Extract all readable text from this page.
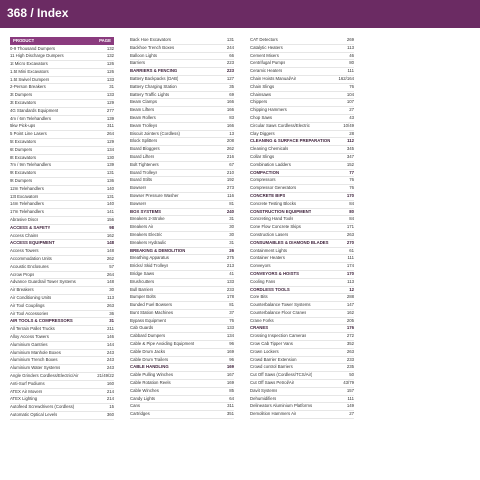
368 / Index
PRODUCT	PAGE
0-9 Thousand Dumpers	132
11 High Discharge Dumpers	132
1t Micro Excavators	126
1.5t Mini Excavators	126
1.5t Swivel Dumpers	133
2-Person Breakers	31
3t Dumpers	133
3t Excavators	129
4G Standards Equipment	277
4m / 6m Telehandlers	139
5kw Pick-ups	311
5 Point Line Lasers	264
5t Excavators	129
6t Dumpers	134
8t Excavators	130
7m / 9m Telehandlers	139
9t Excavators	131
9t Dumpers	136
12m Telehandlers	140
13t Excavators	131
14m Telehandlers	140
17m Telehandlers	141
Abrasive Discs	156
ACCESS & SAFETY	98
Access Chains	162
ACCESS EQUIPMENT	148
Access Towers	148
Accommodation Units	262
Acoustic Enclosures	57
Acrow Props	264
Advance Guardrail Tower Systems	148
Air Breakers	30
Air Conditioning Units	113
Air Tool Couplings	263
Air Tool Accessories	36
AIR TOOLS & COMPRESSORS	31
All Terrain Pallet Trucks	211
Alloy Access Towers	146
Aluminium Gantries	144
Aluminium Manhole Boxes	243
Aluminium Trench Boxes	243
Aluminium Water Systems	243
Angle Grinders Cordless/Electric/Air	21/49/22
Anti-Surf Podiums	160
ATEX Air Movers	214
ATEX Lighting	214
Autofeed Screwdrivers (Cordless)	15
Automatic Optical Levels	360
Back Hoe Excavators	131
Backhoe Trench Boxes	244
Balloon Lights	66
Barriers	223
BARRIERS & FENCING	223
Battery Backpacks (DAB)	127
Battery Charging Station	35
Battery Traffic Lights	69
Beam Clamps	166
Beam Lifters	166
Beam Rollers	83
Beam Trolleys	166
Biscuit Jointers (Cordless)	13
Block Splitters	208
Board Bloggers	262
Board Lifters	216
Bolt Tighteners	67
Board Trolleys	210
Board Stilts	192
Bowsers	273
Bowser Pressure Washer	116
Bowsers	81
BOX SYSTEMS	240
Breakers 2-Stroke	31
Breakers Air	30
Breakers Electric	30
Breakers Hydraulic	31
BREAKING & DEMOLITION	26
Breathing Apparatus	275
Bricks/ Skid Trolleys	213
Bridge Saws	41
Brushcutters	133
Bull Barriers	233
Bumper Bolts	178
Bunded Fuel Bowsers	81
Bunt Station Machines	37
Bypass Equipment	76
Cab Guards	133
Cabbard Dumpers	134
Cable & Pipe Avoiding Equipment	96
Cable Drum Jacks	169
Cable Drum Trailers	96
CABLE HANDLING	169
Cable Pulling Winches	167
Cable Rotation Reels	169
Cable Winches	85
Candy Lights	64
Cans	311
Cartridges	351
CAT Detectors	269
Catalytic Heaters	113
Cement Mixers	46
Centrifugal Pumps	80
Ceramic Heaters	111
Chain Hoists Manual/Air	162/164
Chain Slings	76
Chainsaws	104
Chippers	107
Chipping Hammers	27
Chop Saws	43
Circular Saws Cordless/Electric	10/49
Clay Diggers	28
CLEANING & SURFACE PREPARATION	112
Cleaning Chemicals	345
Collar Slings	347
Combination Ladders	152
COMPACTION	77
Compressors	76
Compressor Generators	76
CONCRETE BIPS	170
Concrete Testing Blocks	84
CONSTRUCTION EQUIPMENT	80
Concreting Hand Tools	84
Cone Flow Concrete Skips	171
Construction Lasers	263
CONSUMABLES & DIAMOND BLADES	270
Containment Lights	61
Container Heaters	111
Conveyors	174
CONVEYORS & HOISTS	170
Cooling Fans	113
CORDLESS TOOLS	12
Core Bits	288
Counterbalance Tower Systems	147
Counterbalance Floor Cranes	162
Crane Forks	205
CRANES	176
Crossing Inspection Cameras	272
Crow Cab Tipper Vans	352
Crown Lockers	263
Crowd Barrier Extension	233
Crowd control Barriers	235
Cut Off Saws (Cordless/TCS/Air)	50
Cut Off Saws Petrol/Air	43/79
Davit Systems	157
Dehumidifiers	111
Delineators Aluminium Platforms	149
Demolition Hammers Air	27
